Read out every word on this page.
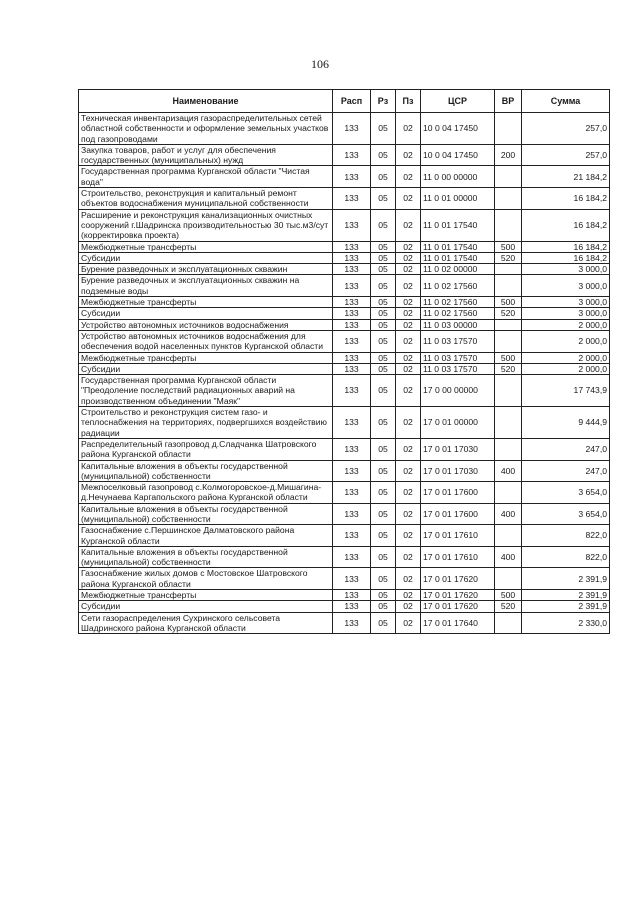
106
Наименование	Расп	Рз	Пз	ЦСР	ВР	Сумма
Техническая инвентаризация газораспределительных сетей областной собственности и оформление земельных участков под газопроводами	133	05	02	10 0 04 17450		257,0
Закупка товаров, работ и услуг для обеспечения государственных (муниципальных) нужд	133	05	02	10 0 04 17450	200	257,0
Государственная программа Курганской области "Чистая вода"	133	05	02	11 0 00 00000		21 184,2
Строительство, реконструкция и капитальный ремонт объектов водоснабжения муниципальной собственности	133	05	02	11 0 01 00000		16 184,2
Расширение и реконструкция канализационных очистных сооружений г.Шадринска производительностью 30 тыс.м3/сут (корректировка проекта)	133	05	02	11 0 01 17540		16 184,2
Межбюджетные трансферты	133	05	02	11 0 01 17540	500	16 184,2
Субсидии	133	05	02	11 0 01 17540	520	16 184,2
Бурение разведочных и эксплуатационных скважин	133	05	02	11 0 02 00000		3 000,0
Бурение разведочных и эксплуатационных скважин на подземные воды	133	05	02	11 0 02 17560		3 000,0
Межбюджетные трансферты	133	05	02	11 0 02 17560	500	3 000,0
Субсидии	133	05	02	11 0 02 17560	520	3 000,0
Устройство автономных источников водоснабжения	133	05	02	11 0 03 00000		2 000,0
Устройство автономных источников водоснабжения для обеспечения водой населенных пунктов Курганской области	133	05	02	11 0 03 17570		2 000,0
Межбюджетные трансферты	133	05	02	11 0 03 17570	500	2 000,0
Субсидии	133	05	02	11 0 03 17570	520	2 000,0
Государственная программа Курганской области "Преодоление последствий радиационных аварий на производственном объединении "Маяк"	133	05	02	17 0 00 00000		17 743,9
Строительство и реконструкция систем газо- и теплоснабжения на территориях, подвергшихся воздействию радиации	133	05	02	17 0 01 00000		9 444,9
Распределительный газопровод д.Сладчанка Шатровского района Курганской области	133	05	02	17 0 01 17030		247,0
Капитальные вложения в объекты государственной (муниципальной) собственности	133	05	02	17 0 01 17030	400	247,0
Межпоселковый газопровод с.Колмогоровское-д.Мишагина-д.Нечунаева Каргапольского района Курганской области	133	05	02	17 0 01 17600		3 654,0
Капитальные вложения в объекты государственной (муниципальной) собственности	133	05	02	17 0 01 17600	400	3 654,0
Газоснабжение с.Першинское Далматовского района Курганской области	133	05	02	17 0 01 17610		822,0
Капитальные вложения в объекты государственной (муниципальной) собственности	133	05	02	17 0 01 17610	400	822,0
Газоснабжение жилых домов с Мостовское Шатровского района Курганской области	133	05	02	17 0 01 17620		2 391,9
Межбюджетные трансферты	133	05	02	17 0 01 17620	500	2 391,9
Субсидии	133	05	02	17 0 01 17620	520	2 391,9
Сети газораспределения Сухринского сельсовета Шадринского района Курганской области	133	05	02	17 0 01 17640		2 330,0
